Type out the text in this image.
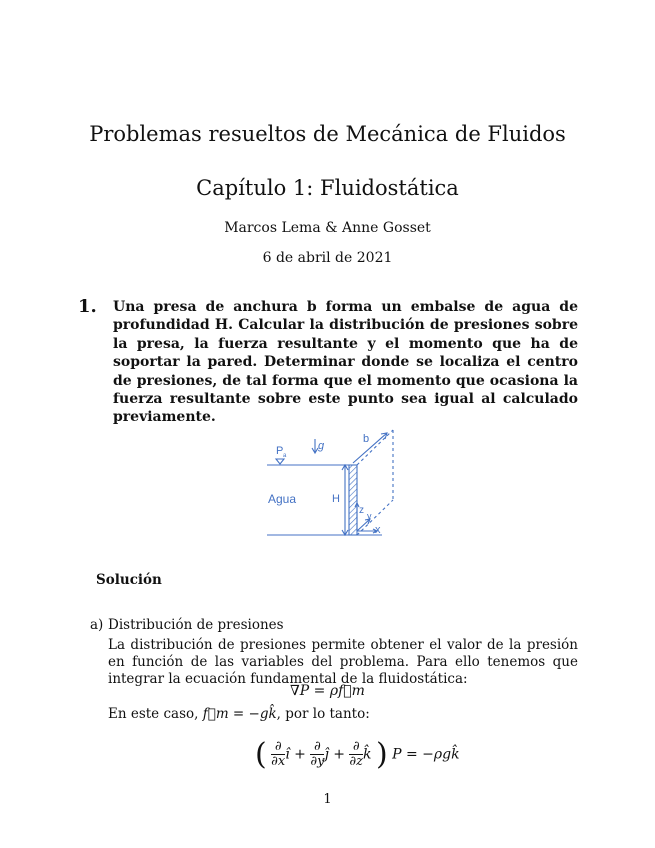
Problemas resueltos de Mecánica de Fluidos
Capítulo 1: Fluidostática
Marcos Lema & Anne Gosset
6 de abril de 2021
1. Una presa de anchura b forma un embalse de agua de profundidad H. Calcular la distribución de presiones sobre la presa, la fuerza resultante y el momento que ha de soportar la pared. Determinar donde se localiza el centro de presiones, de tal forma que el momento que ocasiona la fuerza resultante sobre este punto sea igual al calculado previamente.
P a
g
b
Agua	H
z y
x
Solución
a) Distribución de presiones
La distribución de presiones permite obtener el valor de la presión en función de las variables del problema. Para ello tenemos que integrar la ecuación fundamental de la fluidostática:
∇P = ρf⃗m
En este caso, f⃗m = −gk̂, por lo tanto:
( $\frac{\partial}{\partial x}$ î + $\frac{\partial}{\partial y}$ ĵ + $\frac{\partial}{\partial z}$ k̂ ) P = −ρgk̂
1
